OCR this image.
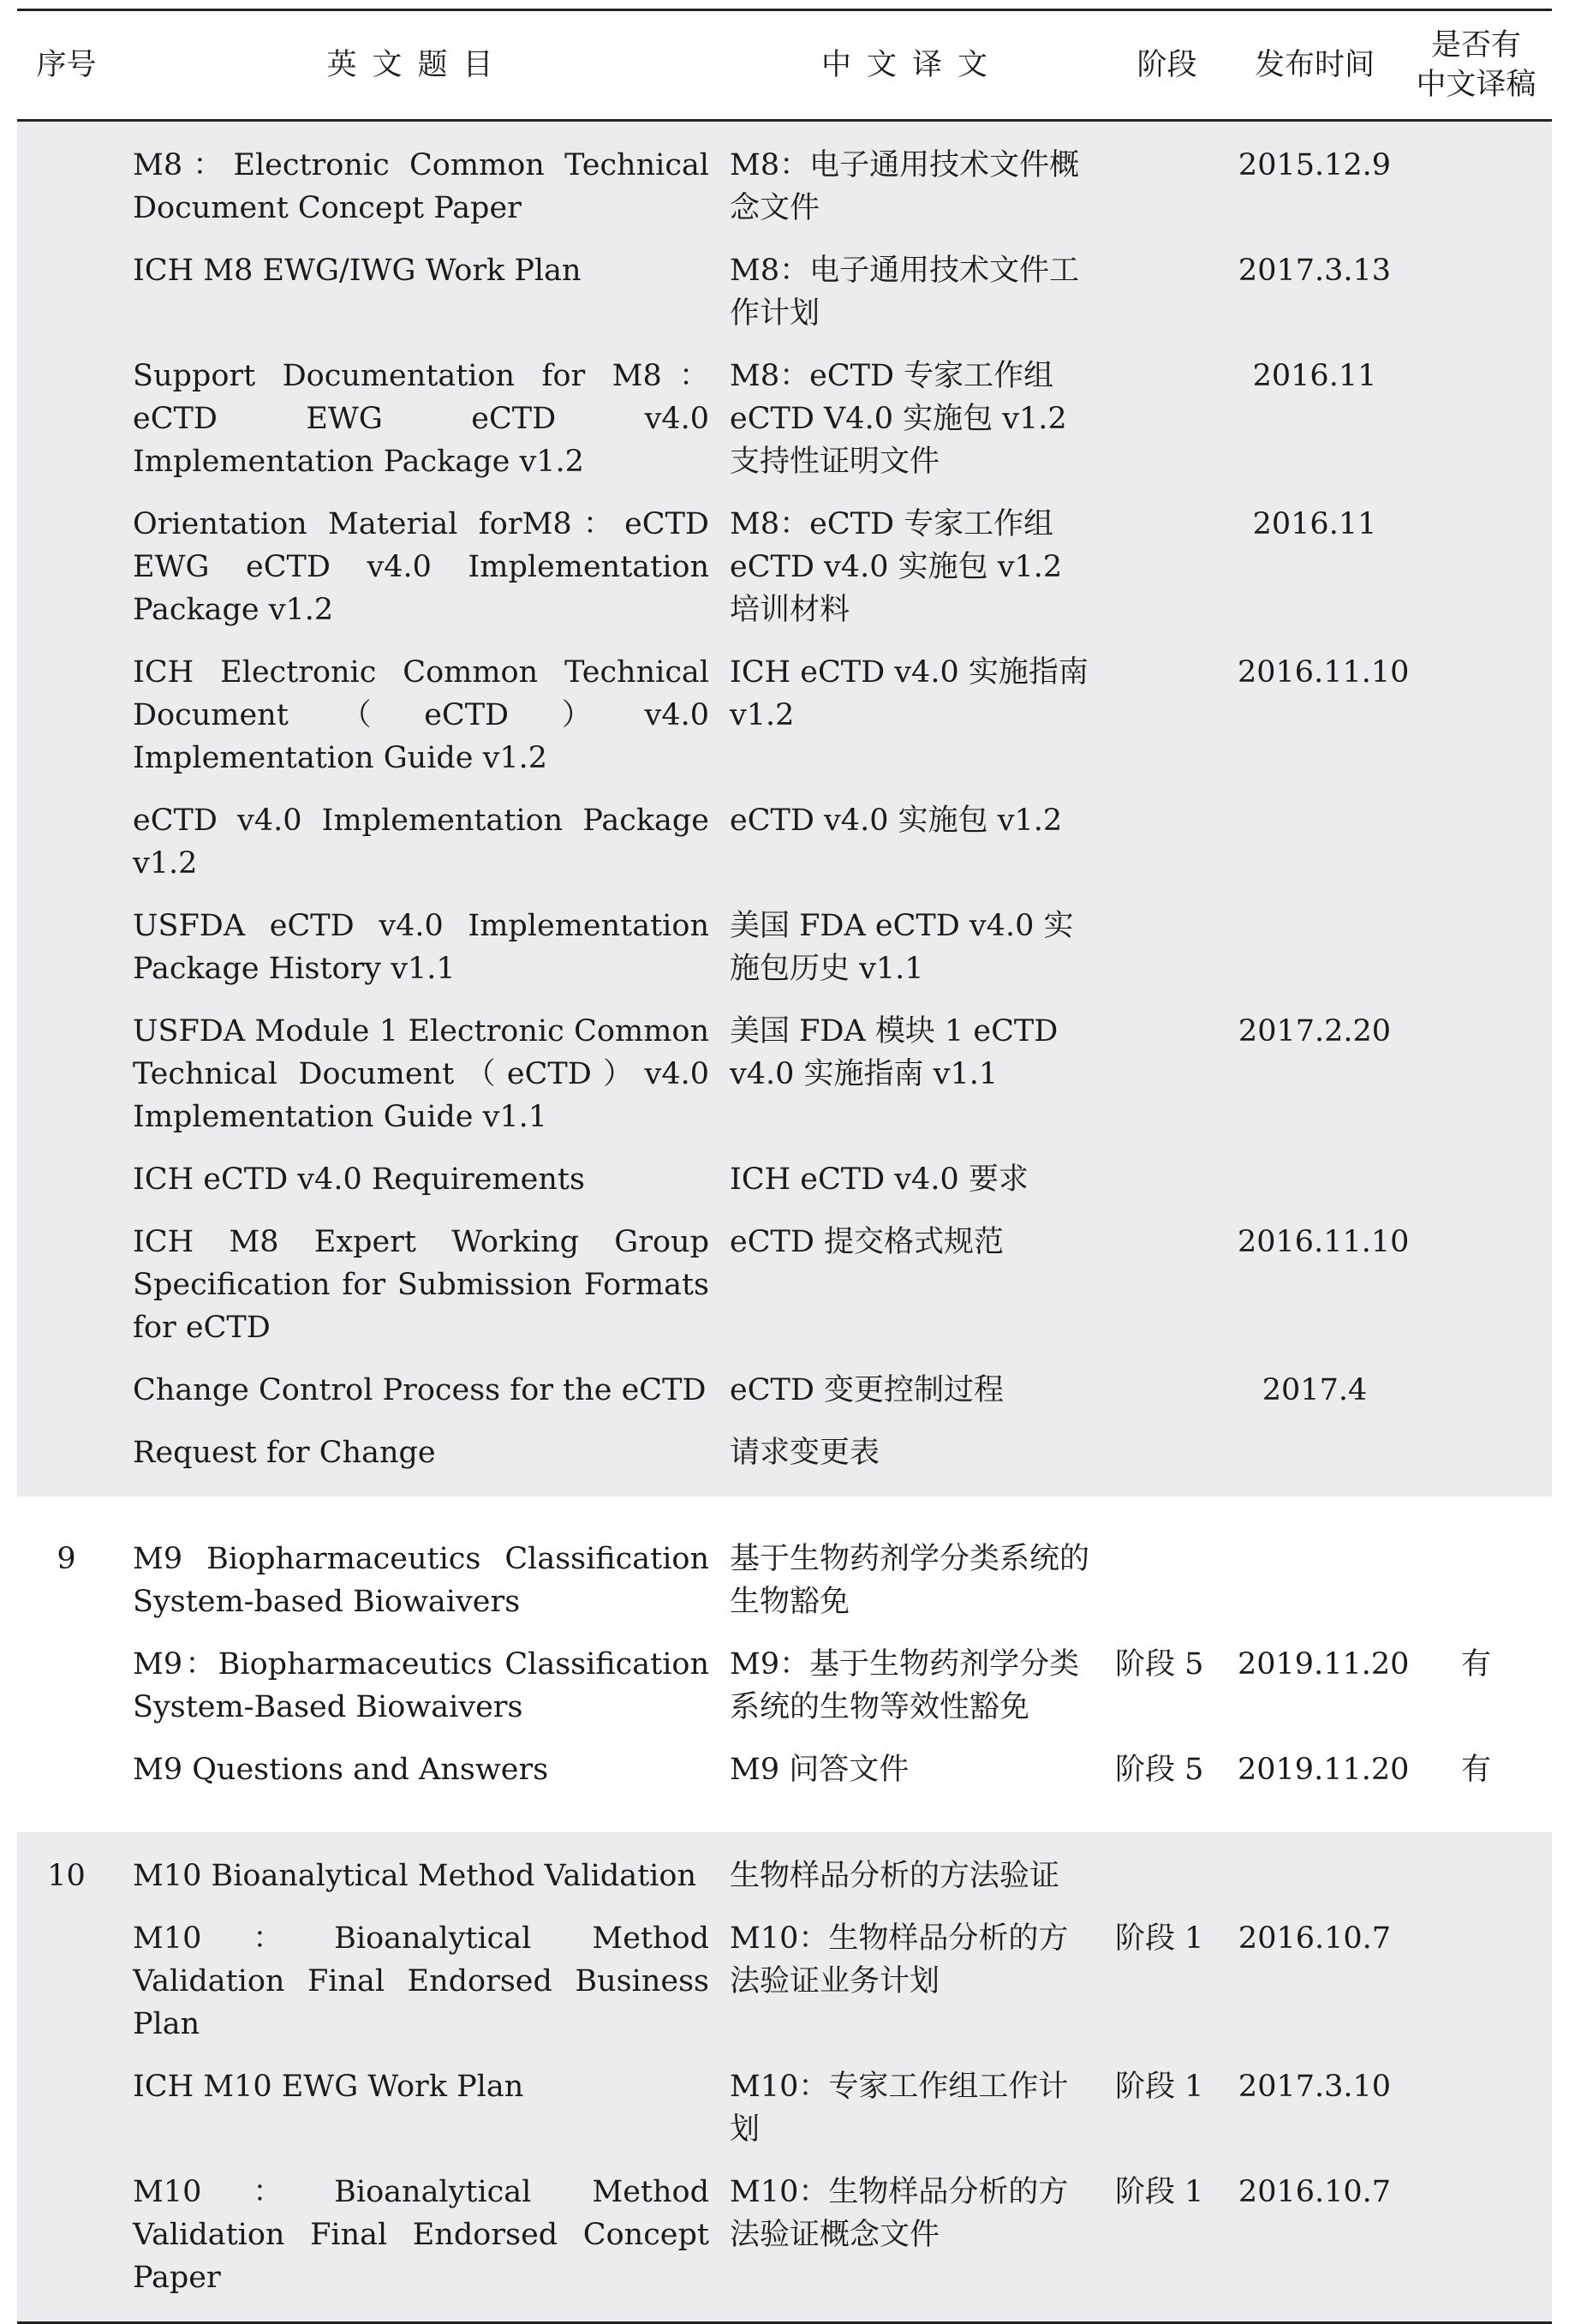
序号	英文题目	中文译文	阶段	发布时间	是否有
中文译稿
	M8：Electronic Common Technical Document Concept Paper	M8：电子通用技术文件概念文件		2015.12.9	
	ICH M8 EWG/IWG Work Plan	M8：电子通用技术文件工作计划		2017.3.13	
	Support Documentation for M8：eCTD EWG eCTD v4.0 Implementation Package v1.2	M8：eCTD 专家工作组 eCTD V4.0 实施包 v1.2 支持性证明文件		2016.11	
	Orientation Material forM8：eCTD EWG eCTD v4.0 Implementation Package v1.2	M8：eCTD 专家工作组 eCTD v4.0 实施包 v1.2 培训材料		2016.11	
	ICH Electronic Common Technical Document（eCTD）v4.0 Implementation Guide v1.2	ICH eCTD v4.0 实施指南 v1.2		2016.11.10	
	eCTD v4.0 Implementation Package v1.2	eCTD v4.0 实施包 v1.2			
	USFDA eCTD v4.0 Implementation Package History v1.1	美国 FDA eCTD v4.0 实施包历史 v1.1			
	USFDA Module 1 Electronic Common Technical Document（eCTD）v4.0 Implementation Guide v1.1	美国 FDA 模块 1 eCTD v4.0 实施指南 v1.1		2017.2.20	
	ICH eCTD v4.0 Requirements	ICH eCTD v4.0 要求			
	ICH M8 Expert Working Group Specification for Submission Formats for eCTD	eCTD 提交格式规范		2016.11.10	
	Change Control Process for the eCTD	eCTD 变更控制过程		2017.4	
	Request for Change	请求变更表			

9	M9 Biopharmaceutics Classification System-based Biowaivers	基于生物药剂学分类系统的生物豁免			
	M9：Biopharmaceutics Classification System-Based Biowaivers	M9：基于生物药剂学分类系统的生物等效性豁免	阶段 5	2019.11.20	有
	M9 Questions and Answers	M9 问答文件	阶段 5	2019.11.20	有

10	M10 Bioanalytical Method Validation	生物样品分析的方法验证			
	M10：Bioanalytical Method Validation Final Endorsed Business Plan	M10：生物样品分析的方法验证业务计划	阶段 1	2016.10.7	
	ICH M10 EWG Work Plan	M10：专家工作组工作计划	阶段 1	2017.3.10	
	M10：Bioanalytical Method Validation Final Endorsed Concept Paper	M10：生物样品分析的方法验证概念文件	阶段 1	2016.10.7	
